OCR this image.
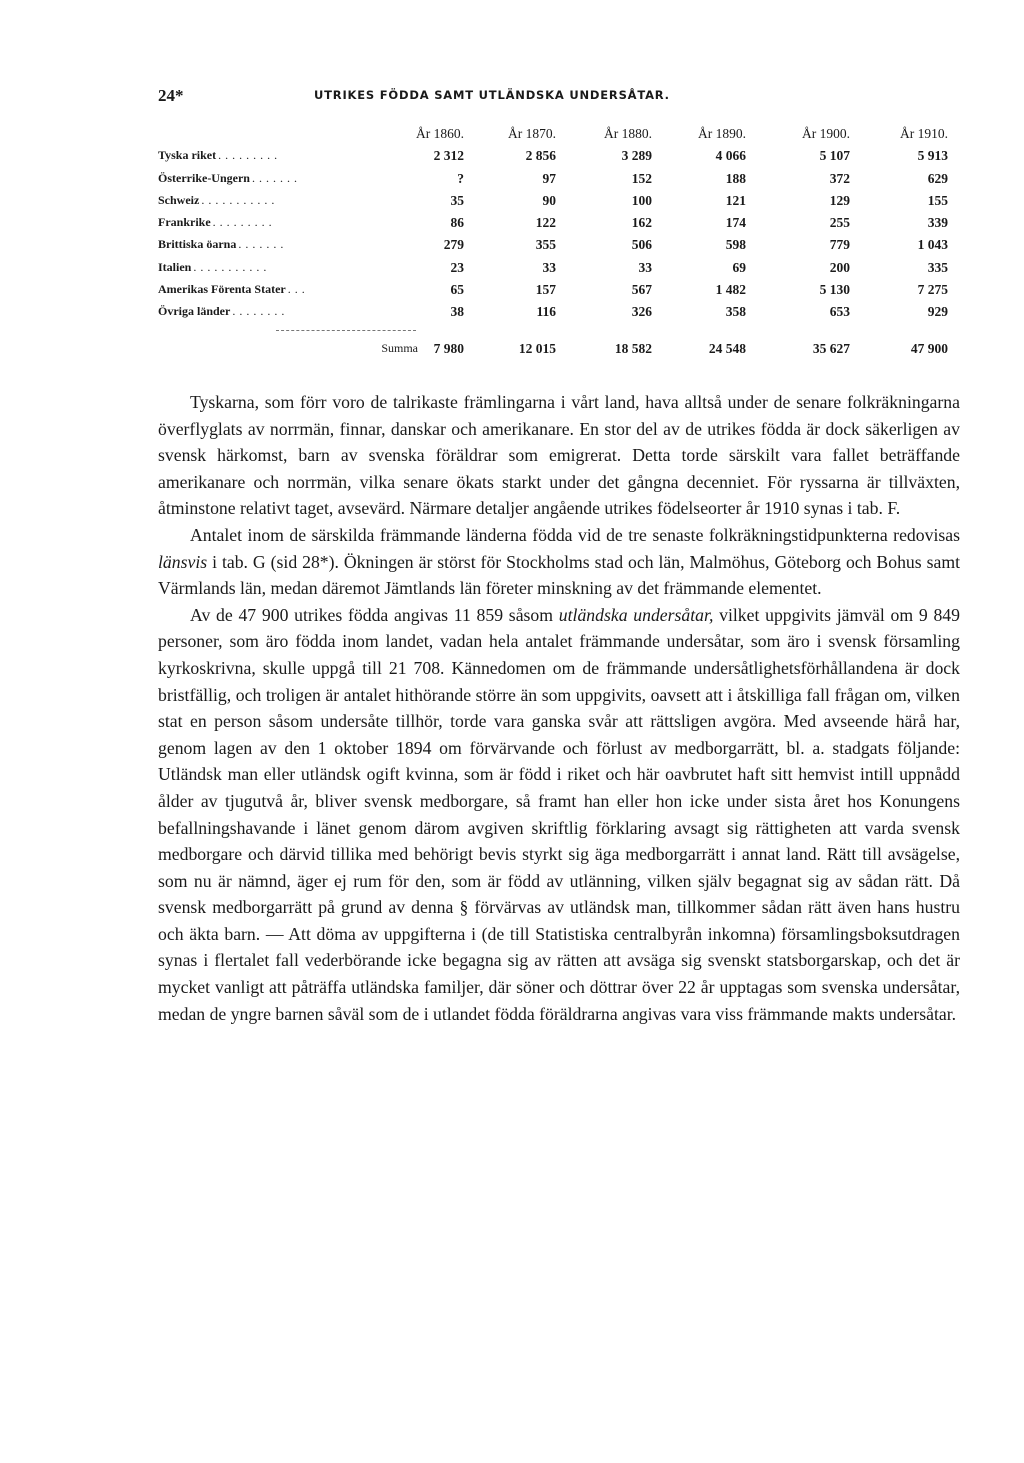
24*	UTRIKES FÖDDA SAMT UTLÄNDSKA UNDERSÅTAR.
År 1860.	År 1870.	År 1880.	År 1890.	År 1900.	År 1910.
Tyska riket .........	2 312	2 856	3 289	4 066	5 107	5 913
Österrike-Ungern .......	?	97	152	188	372	629
Schweiz ...........	35	90	100	121	129	155
Frankrike .........	86	122	162	174	255	339
Brittiska öarna .......	279	355	506	598	779	1 043
Italien ...........	23	33	33	69	200	335
Amerikas Förenta Stater ...	65	157	567	1 482	5 130	7 275
Övriga länder ........	38	116	326	358	653	929
Summa 7 980	12 015	18 582	24 548	35 627	47 900

Tyskarna, som förr voro de talrikaste främlingarna i vårt land, hava alltså under de senare folkräkningarna överflyglats av norrmän, finnar, danskar och amerikanare. En stor del av de utrikes födda är dock säkerligen av svensk härkomst, barn av svenska föräldrar som emigrerat. Detta torde särskilt vara fallet beträffande amerikanare och norrmän, vilka senare ökats starkt under det gångna decenniet. För ryssarna är tillväxten, åtminstone relativt taget, avsevärd. Närmare detaljer angående utrikes födelseorter år 1910 synas i tab. F.

Antalet inom de särskilda främmande länderna födda vid de tre senaste folkräkningstidpunkterna redovisas länsvis i tab. G (sid 28*). Ökningen är störst för Stockholms stad och län, Malmöhus, Göteborg och Bohus samt Värmlands län, medan däremot Jämtlands län företer minskning av det främmande elementet.

Av de 47 900 utrikes födda angivas 11 859 såsom utländska undersåtar, vilket uppgivits jämväl om 9 849 personer, som äro födda inom landet, vadan hela antalet främmande undersåtar, som äro i svensk församling kyrkoskrivna, skulle uppgå till 21 708. Kännedomen om de främmande undersåtlighetsförhållandena är dock bristfällig, och troligen är antalet hithörande större än som uppgivits, oavsett att i åtskilliga fall frågan om, vilken stat en person såsom undersåte tillhör, torde vara ganska svår att rättsligen avgöra. Med avseende härå har, genom lagen av den 1 oktober 1894 om förvärvande och förlust av medborgarrätt, bl. a. stadgats följande: Utländsk man eller utländsk ogift kvinna, som är född i riket och här oavbrutet haft sitt hemvist intill uppnådd ålder av tjugutvå år, bliver svensk medborgare, så framt han eller hon icke under sista året hos Konungens befallningshavande i länet genom därom avgiven skriftlig förklaring avsagt sig rättigheten att varda svensk medborgare och därvid tillika med behörigt bevis styrkt sig äga medborgarrätt i annat land. Rätt till avsägelse, som nu är nämnd, äger ej rum för den, som är född av utlänning, vilken själv begagnat sig av sådan rätt. Då svensk medborgarrätt på grund av denna § förvärvas av utländsk man, tillkommer sådan rätt även hans hustru och äkta barn. — Att döma av uppgifterna i (de till Statistiska centralbyrån inkomna) församlingsboksutdragen synas i flertalet fall vederbörande icke begagna sig av rätten att avsäga sig svenskt statsborgarskap, och det är mycket vanligt att påträffa utländska familjer, där söner och döttrar över 22 år upptagas som svenska undersåtar, medan de yngre barnen såväl som de i utlandet födda föräldrarna angivas vara viss främmande makts undersåtar.
